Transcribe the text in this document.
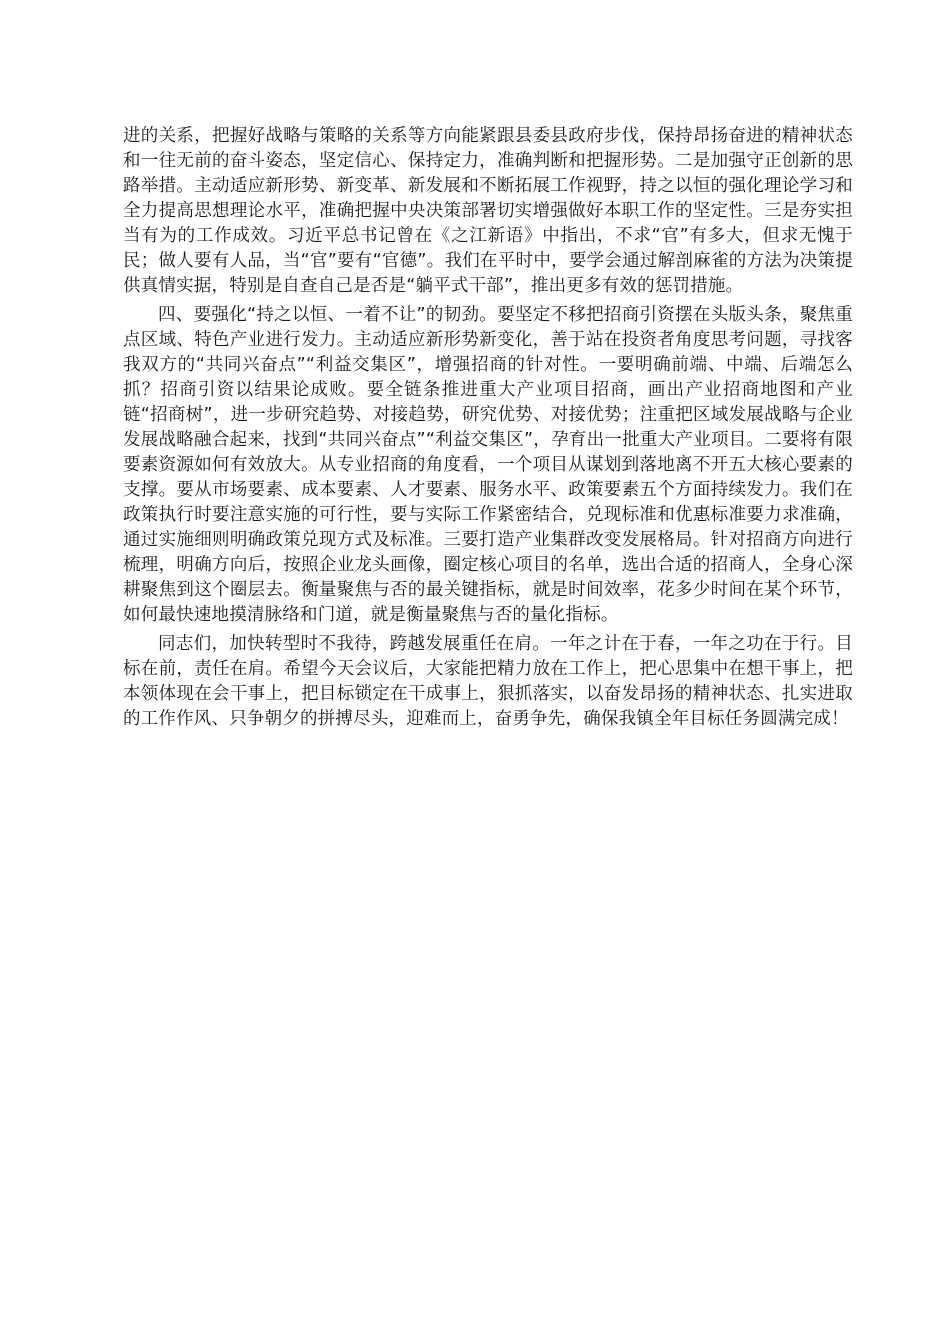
进的关系，把握好战略与策略的关系等方向能紧跟县委县政府步伐，保持昂扬奋进的精神状态和一往无前的奋斗姿态，坚定信心、保持定力，准确判断和把握形势。二是加强守正创新的思路举措。主动适应新形势、新变革、新发展和不断拓展工作视野，持之以恒的强化理论学习和全力提高思想理论水平，准确把握中央决策部署切实增强做好本职工作的坚定性。三是夯实担当有为的工作成效。习近平总书记曾在《之江新语》中指出，不求“官”有多大，但求无愧于民；做人要有人品，当“官”要有“官德”。我们在平时中，要学会通过解剖麻雀的方法为决策提供真情实据，特别是自查自己是否是“躺平式干部”，推出更多有效的惩罚措施。

四、要强化“持之以恒、一着不让”的韧劲。要坚定不移把招商引资摆在头版头条，聚焦重点区域、特色产业进行发力。主动适应新形势新变化，善于站在投资者角度思考问题，寻找客我双方的“共同兴奋点”“利益交集区”，增强招商的针对性。一要明确前端、中端、后端怎么抓？招商引资以结果论成败。要全链条推进重大产业项目招商，画出产业招商地图和产业链“招商树”，进一步研究趋势、对接趋势，研究优势、对接优势；注重把区域发展战略与企业发展战略融合起来，找到“共同兴奋点”“利益交集区”，孕育出一批重大产业项目。二要将有限要素资源如何有效放大。从专业招商的角度看，一个项目从谋划到落地离不开五大核心要素的支撑。要从市场要素、成本要素、人才要素、服务水平、政策要素五个方面持续发力。我们在政策执行时要注意实施的可行性，要与实际工作紧密结合，兑现标准和优惠标准要力求准确，通过实施细则明确政策兑现方式及标准。三要打造产业集群改变发展格局。针对招商方向进行梳理，明确方向后，按照企业龙头画像，圈定核心项目的名单，选出合适的招商人，全身心深耕聚焦到这个圈层去。衡量聚焦与否的最关键指标，就是时间效率，花多少时间在某个环节，如何最快速地摸清脉络和门道，就是衡量聚焦与否的量化指标。

同志们，加快转型时不我待，跨越发展重任在肩。一年之计在于春，一年之功在于行。目标在前，责任在肩。希望今天会议后，大家能把精力放在工作上，把心思集中在想干事上，把本领体现在会干事上，把目标锁定在干成事上，狠抓落实，以奋发昂扬的精神状态、扎实进取的工作作风、只争朝夕的拼搏尽头，迎难而上，奋勇争先，确保我镇全年目标任务圆满完成！
